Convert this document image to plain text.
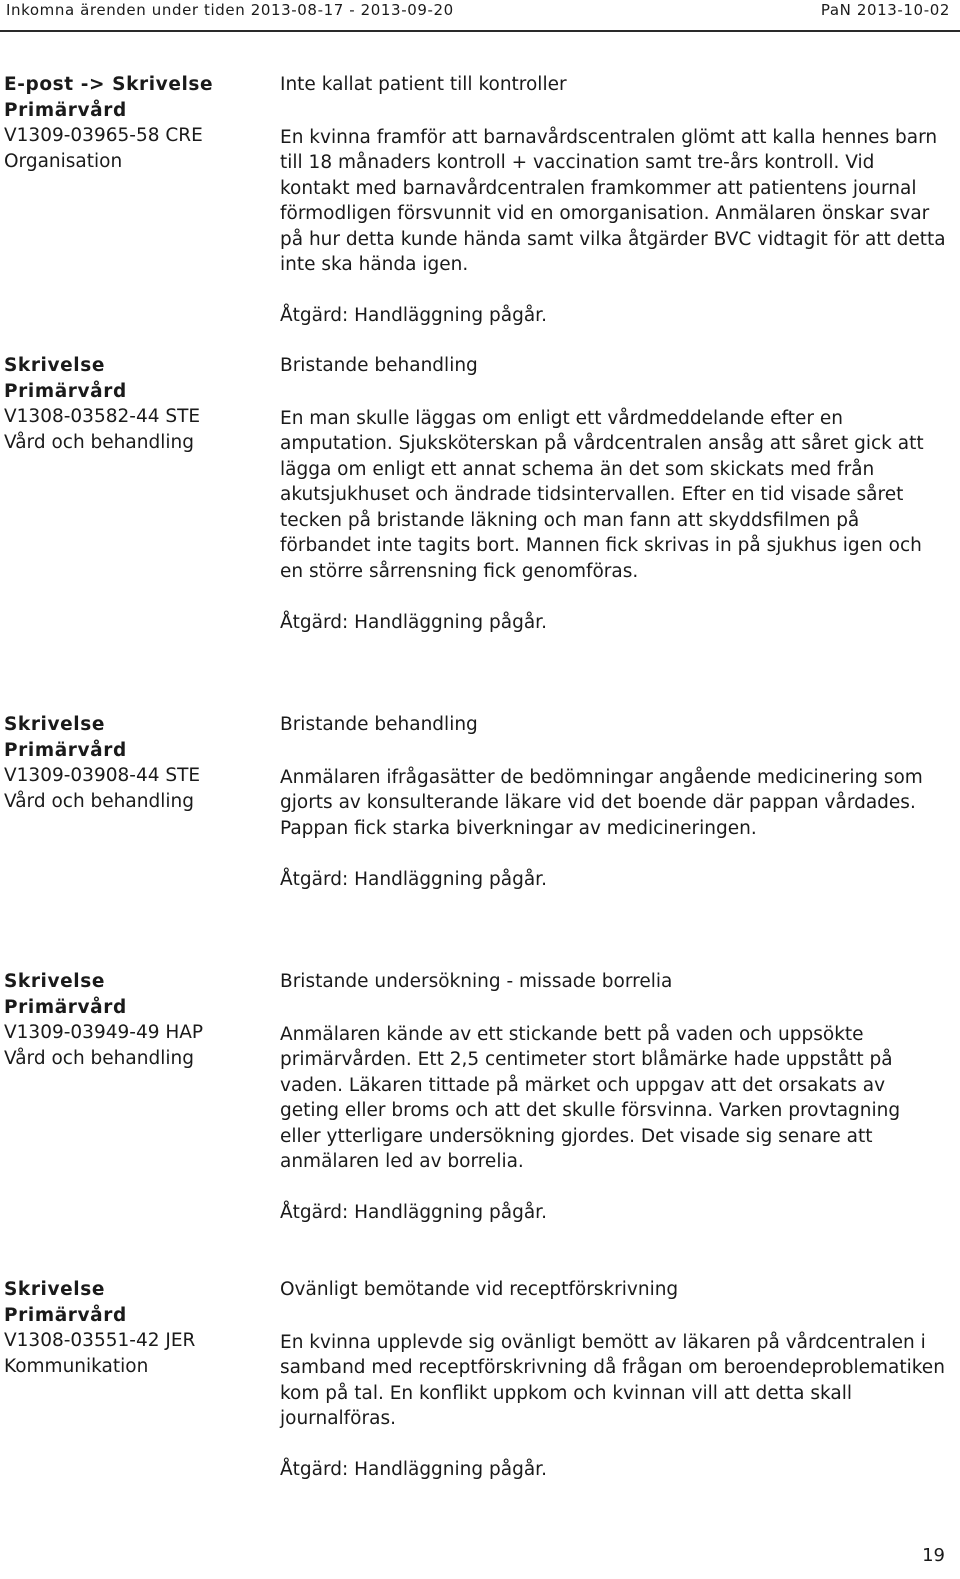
Inkomna ärenden under tiden 2013-08-17 - 2013-09-20	PaN 2013-10-02
E-post -> Skrivelse
Primärvård
V1309-03965-58 CRE
Organisation

Inte kallat patient till kontroller

En kvinna framför att barnavårdscentralen glömt att kalla hennes barn till 18 månaders kontroll + vaccination samt tre-års kontroll. Vid kontakt med barnavårdcentralen framkommer att patientens journal förmodligen försvunnit vid en omorganisation. Anmälaren önskar svar på hur detta kunde hända samt vilka åtgärder BVC vidtagit för att detta inte ska hända igen.

Åtgärd: Handläggning pågår.

Skrivelse
Primärvård
V1308-03582-44 STE
Vård och behandling

Bristande behandling

En man skulle läggas om enligt ett vårdmeddelande efter en amputation. Sjuksköterskan på vårdcentralen ansåg att såret gick att lägga om enligt ett annat schema än det som skickats med från akutsjukhuset och ändrade tidsintervallen. Efter en tid visade såret tecken på bristande läkning och man fann att skyddsfilmen på förbandet inte tagits bort. Mannen fick skrivas in på sjukhus igen och en större sårrensning fick genomföras.

Åtgärd: Handläggning pågår.

Skrivelse
Primärvård
V1309-03908-44 STE
Vård och behandling

Bristande behandling

Anmälaren ifrågasätter de bedömningar angående medicinering som gjorts av konsulterande läkare vid det boende där pappan vårdades. Pappan fick starka biverkningar av medicineringen.

Åtgärd: Handläggning pågår.

Skrivelse
Primärvård
V1309-03949-49 HAP
Vård och behandling

Bristande undersökning - missade borrelia

Anmälaren kände av ett stickande bett på vaden och uppsökte primärvården. Ett 2,5 centimeter stort blåmärke hade uppstått på vaden. Läkaren tittade på märket och uppgav att det orsakats av geting eller broms och att det skulle försvinna. Varken provtagning eller ytterligare undersökning gjordes. Det visade sig senare att anmälaren led av borrelia.

Åtgärd: Handläggning pågår.

Skrivelse
Primärvård
V1308-03551-42 JER
Kommunikation

Ovänligt bemötande vid receptförskrivning

En kvinna upplevde sig ovänligt bemött av läkaren på vårdcentralen i samband med receptförskrivning då frågan om beroendeproblematiken kom på tal. En konflikt uppkom och kvinnan vill att detta skall journalföras.

Åtgärd: Handläggning pågår.

19
